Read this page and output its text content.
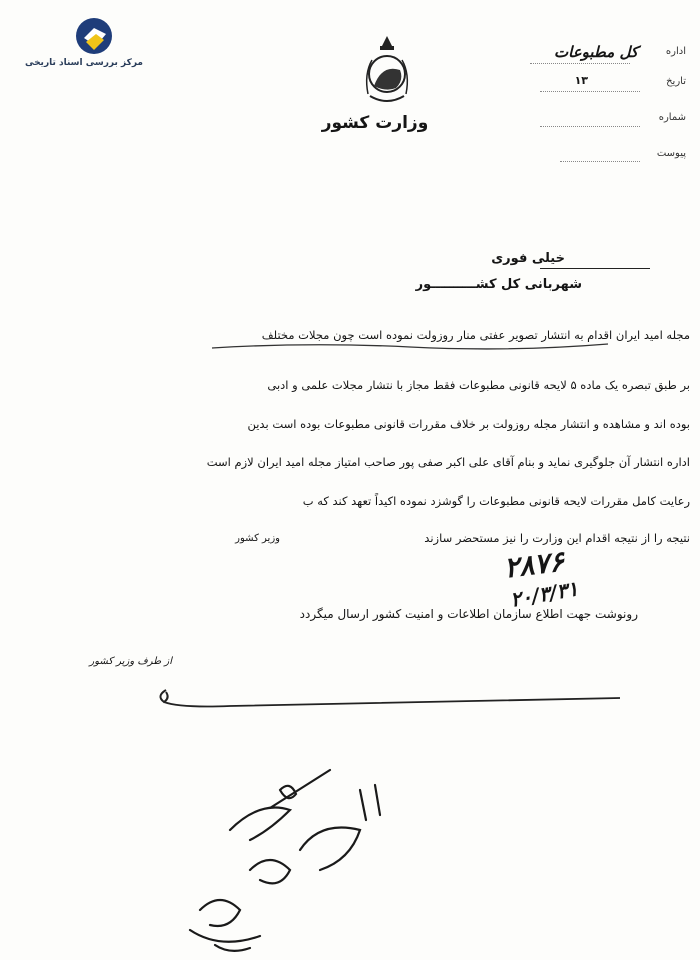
مرکز بررسی اسناد تاریخی
وزارت کشور
اداره
کل مطبوعات
تاریخ
۱۳
شماره
پیوست
خیلی فوری
شهربانی کل کشــــــــــور
مجله امید ایران اقدام به انتشار تصویر عفتی منار روزولت نموده است چون مجلات مختلف
بر طبق تبصره یک ماده ۵ لایحه قانونی مطبوعات فقط مجاز با نتشار مجلات علمی و ادبی
بوده اند و مشاهده و انتشار مجله روزولت بر خلاف مقررات قانونی مطبوعات بوده است بدین
اداره انتشار آن جلوگیری نماید و بنام آقای علی اکبر صفی پور صاحب امتیاز مجله امید ایران لازم است
رعایت کامل مقررات لایحه قانونی مطبوعات را گوشزد نموده اکیداً تعهد کند که ب
نتیجه را از نتیجه اقدام این وزارت را نیز مستحضر سازند
وزیر کشور
۲۸۷۶
۲۰/۳/۳۱
رونوشت جهت اطلاع سازمان اطلاعات و امنیت کشور ارسال میگردد
از طرف وزیر کشور
